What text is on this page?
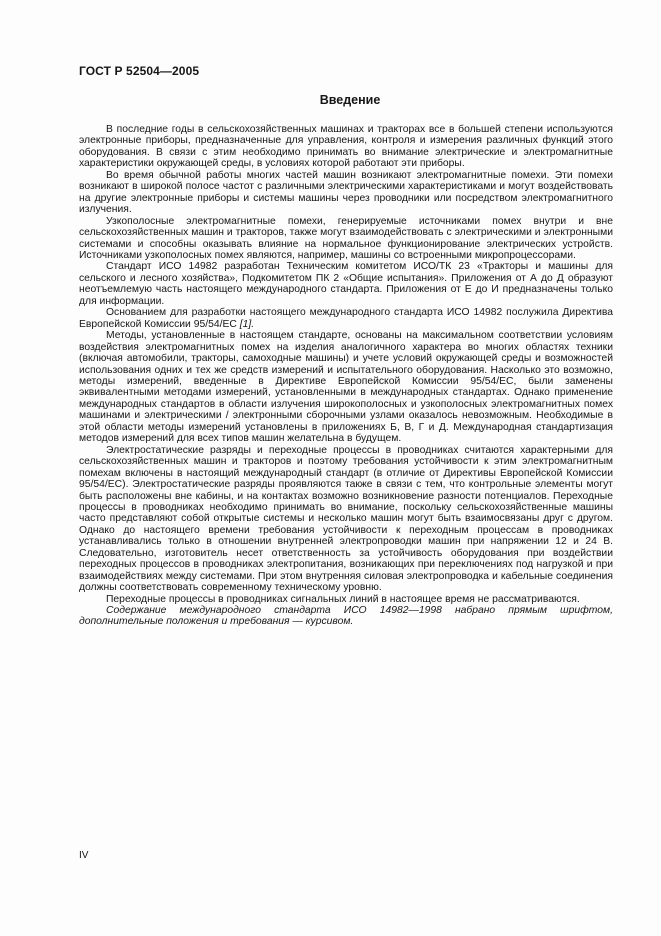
ГОСТ Р 52504—2005
Введение

В последние годы в сельскохозяйственных машинах и тракторах все в большей степени используются электронные приборы, предназначенные для управления, контроля и измерения различных функций этого оборудования. В связи с этим необходимо принимать во внимание электрические и электромагнитные характеристики окружающей среды, в условиях которой работают эти приборы.

Во время обычной работы многих частей машин возникают электромагнитные помехи. Эти помехи возникают в широкой полосе частот с различными электрическими характеристиками и могут воздействовать на другие электронные приборы и системы машины через проводники или посредством электромагнитного излучения.

Узкополосные электромагнитные помехи, генерируемые источниками помех внутри и вне сельскохозяйственных машин и тракторов, также могут взаимодействовать с электрическими и электронными системами и способны оказывать влияние на нормальное функционирование электрических устройств. Источниками узкополосных помех являются, например, машины со встроенными микропроцессорами.

Стандарт ИСО 14982 разработан Техническим комитетом ИСО/ТК 23 «Тракторы и машины для сельского и лесного хозяйства», Подкомитетом ПК 2 «Общие испытания». Приложения от А до Д образуют неотъемлемую часть настоящего международного стандарта. Приложения от Е до И предназначены только для информации.

Основанием для разработки настоящего международного стандарта ИСО 14982 послужила Директива Европейской Комиссии 95/54/ЕС [1].

Методы, установленные в настоящем стандарте, основаны на максимальном соответствии условиям воздействия электромагнитных помех на изделия аналогичного характера во многих областях техники (включая автомобили, тракторы, самоходные машины) и учете условий окружающей среды и возможностей использования одних и тех же средств измерений и испытательного оборудования. Насколько это возможно, методы измерений, введенные в Директиве Европейской Комиссии 95/54/ЕС, были заменены эквивалентными методами измерений, установленными в международных стандартах. Однако применение международных стандартов в области излучения широкополосных и узкополосных электромагнитных помех машинами и электрическими / электронными сборочными узлами оказалось невозможным. Необходимые в этой области методы измерений установлены в приложениях Б, В, Г и Д. Международная стандартизация методов измерений для всех типов машин желательна в будущем.

Электростатические разряды и переходные процессы в проводниках считаются характерными для сельскохозяйственных машин и тракторов и поэтому требования устойчивости к этим электромагнитным помехам включены в настоящий международный стандарт (в отличие от Директивы Европейской Комиссии 95/54/ЕС). Электростатические разряды проявляются также в связи с тем, что контрольные элементы могут быть расположены вне кабины, и на контактах возможно возникновение разности потенциалов. Переходные процессы в проводниках необходимо принимать во внимание, поскольку сельскохозяйственные машины часто представляют собой открытые системы и несколько машин могут быть взаимосвязаны друг с другом. Однако до настоящего времени требования устойчивости к переходным процессам в проводниках устанавливались только в отношении внутренней электропроводки машин при напряжении 12 и 24 В. Следовательно, изготовитель несет ответственность за устойчивость оборудования при воздействии переходных процессов в проводниках электропитания, возникающих при переключениях под нагрузкой и при взаимодействиях между системами. При этом внутренняя силовая электропроводка и кабельные соединения должны соответствовать современному техническому уровню.

Переходные процессы в проводниках сигнальных линий в настоящее время не рассматриваются.

Содержание международного стандарта ИСО 14982—1998 набрано прямым шрифтом, дополнительные положения и требования — курсивом.

IV
